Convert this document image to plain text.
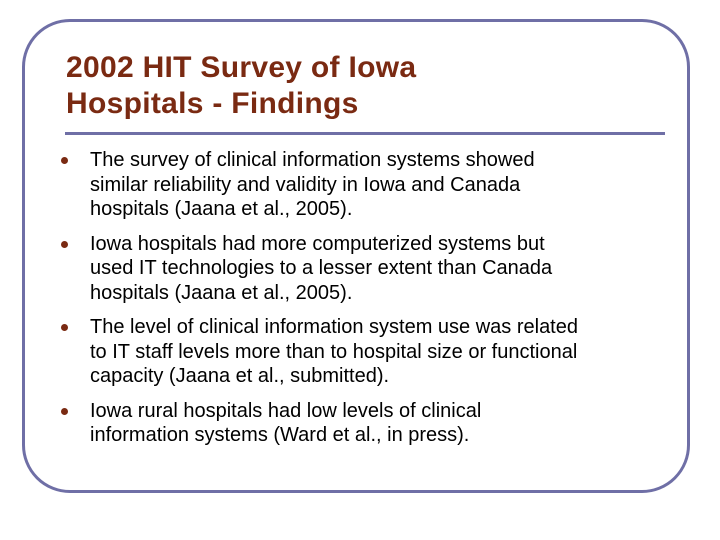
2002 HIT Survey of Iowa
Hospitals - Findings
The survey of clinical information systems showed
similar reliability and validity in Iowa and Canada
hospitals (Jaana et al., 2005).
Iowa hospitals had more computerized systems but
used IT technologies to a lesser extent than Canada
hospitals (Jaana et al., 2005).
The level of clinical information system use was related
to IT staff levels more than to hospital size or functional
capacity (Jaana et al., submitted).
Iowa rural hospitals had low levels of clinical
information systems (Ward et al., in press).
